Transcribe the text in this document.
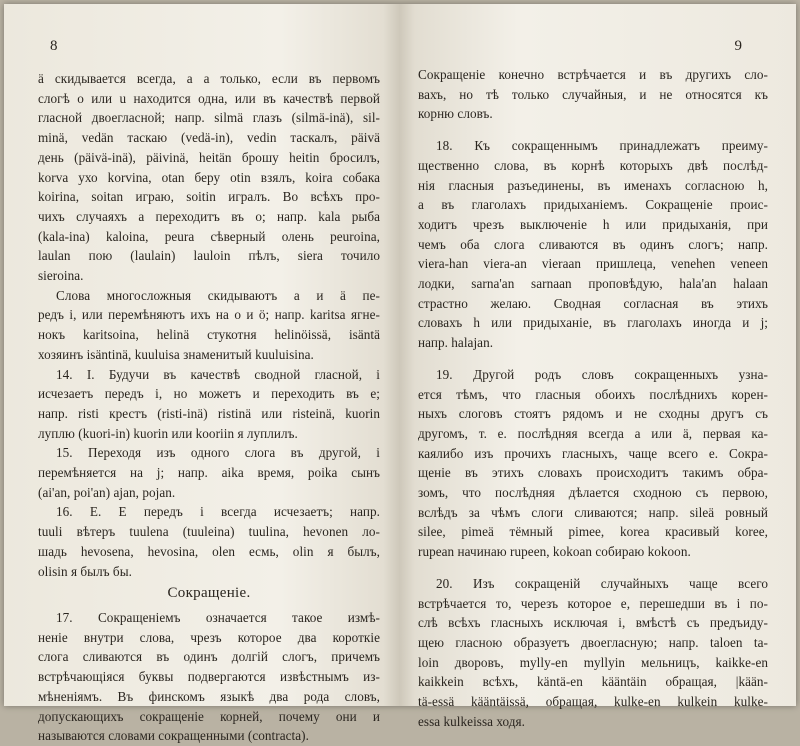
8
ä скидывается всегда, а a только, если въ первомъ
слогѣ o или u находится одна, или въ качествѣ первой
гласной двоегласной; напр. silmä глазъ (silmä-inä), sil-
minä, vedän таскаю (vedä-in), vedin таскалъ, päivä
день (päivä-inä), päivinä, heitän брошу heitin бросилъ,
korva ухо korvina, otan беру otin взялъ, koira собака
koirina, soitan играю, soitin игралъ. Во всѣхъ про-
чихъ случаяхъ a переходитъ въ o; напр. kala рыба
(kala-ina) kaloina, peura сѣверный олень peuroina,
laulan пою (laulain) lauloin пѣлъ, siera точило
sieroina.
Слова многосложныя скидываютъ a и ä пе-
редъ i, или перемѣняютъ ихъ на o и ö; напр. karitsa ягне-
нокъ karitsoina, helinä стукотня helinöissä, isäntä
хозяинъ isäntinä, kuuluisa знаменитый kuuluisina.
14. I. Будучи въ качествѣ сводной гласной, i
исчезаетъ передъ i, но можетъ и переходить въ e;
напр. risti крестъ (risti-inä) ristinä или risteinä, kuorin
луплю (kuori-in) kuorin или kooriin я луплилъ.
15. Переходя изъ одного слога въ другой, i
перемѣняется на j; напр. aika время, poika сынъ
(ai'an, poi'an) ajan, pojan.
16. E. E передъ i всегда исчезаетъ; напр.
tuuli вѣтеръ tuulena (tuuleina) tuulina, hevonen ло-
шадь hevosena, hevosina, olen есмь, olin я былъ,
olisin я былъ бы.
Сокращеніе.
17. Сокращеніемъ означается такое измѣ-
неніе внутри слова, чрезъ которое два короткіе
слога сливаются въ одинъ долгій слогъ, причемъ
встрѣчающіяся буквы подвергаются извѣстнымъ из-
мѣненіямъ. Въ финскомъ языкѣ два рода словъ,
допускающихъ сокращеніе корней, почему они и
называются словами сокращенными (contracta).
9
Сокращеніе конечно встрѣчается и въ другихъ сло-
вахъ, но тѣ только случайныя, и не относятся къ
корню словъ.
18. Къ сокращеннымъ принадлежатъ преиму-
щественно слова, въ корнѣ которыхъ двѣ послѣд-
нія гласныя разъединены, въ именахъ согласною h,
а въ глаголахъ придыханіемъ. Сокращеніе проис-
ходитъ чрезъ выключеніе h или придыханія, при
чемъ оба слога сливаются въ одинъ слогъ; напр.
viera-han viera-an vieraan пришлеца, venehen veneen
лодки, sarna'an sarnaan проповѣдую, hala'an halaan
страстно желаю. Сводная согласная въ этихъ
словахъ h или придыханіе, въ глаголахъ иногда и j;
напр. halajan.
19. Другой родъ словъ сокращенныхъ узна-
ется тѣмъ, что гласныя обоихъ послѣднихъ корен-
ныхъ слоговъ стоятъ рядомъ и не сходны другъ съ
другомъ, т. е. послѣдняя всегда a или ä, первая ка-
каялибо изъ прочихъ гласныхъ, чаще всего e. Сокра-
щеніе въ этихъ словахъ происходитъ такимъ обра-
зомъ, что послѣдняя дѣлается сходною съ первою,
вслѣдъ за чѣмъ слоги сливаются; напр. sileä ровный
silee, pimeä тёмный pimee, korea красивый koree,
rupean начинаю rupeen, kokoan собираю kokoon.
20. Изъ сокращеній случайныхъ чаще всего
встрѣчается то, черезъ которое e, перешедши въ i по-
слѣ всѣхъ гласныхъ исключая i, вмѣстѣ съ предъиду-
щею гласною образуетъ двоегласную; напр. taloen ta-
loin дворовъ, mylly-en myllyin мельницъ, kaikke-en
kaikkein всѣхъ, käntä-en kääntäin обращая, |kään-
tä-essä kääntäissä, обращая, kulke-en kulkein kulke-
essa kulkeissa ходя.
